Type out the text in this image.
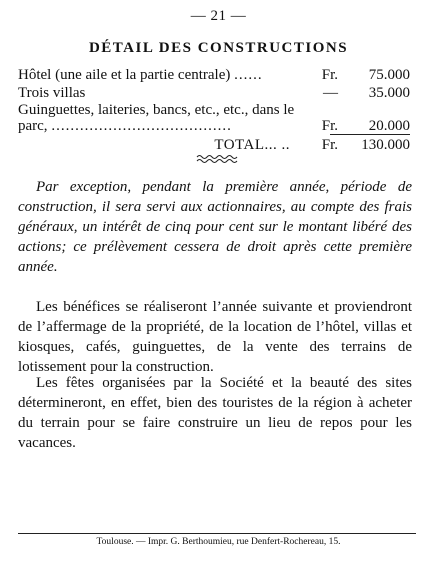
— 21 —
DÉTAIL DES CONSTRUCTIONS
Hôtel (une aile et la partie centrale) ......	Fr. 75.000
Trois villas	— 35.000
Guinguettes, laiteries, bancs, etc., etc., dans le
parc, ......................................	Fr. 20.000
TOTAL... .. Fr. 130.000

Par exception, pendant la première année, période de construction, il sera servi aux actionnaires, au compte des frais généraux, un intérêt de cinq pour cent sur le montant libéré des actions; ce prélèvement cessera de droit après cette première année.

Les bénéfices se réaliseront l’année suivante et proviendront de l’affermage de la propriété, de la location de l’hôtel, villas et kiosques, cafés, guinguettes, de la vente des terrains de lotissement pour la construction.

Les fêtes organisées par la Société et la beauté des sites détermineront, en effet, bien des touristes de la région à acheter du terrain pour se faire construire un lieu de repos pour les vacances.

Toulouse. — Impr. G. Berthoumieu, rue Denfert-Rochereau, 15.
